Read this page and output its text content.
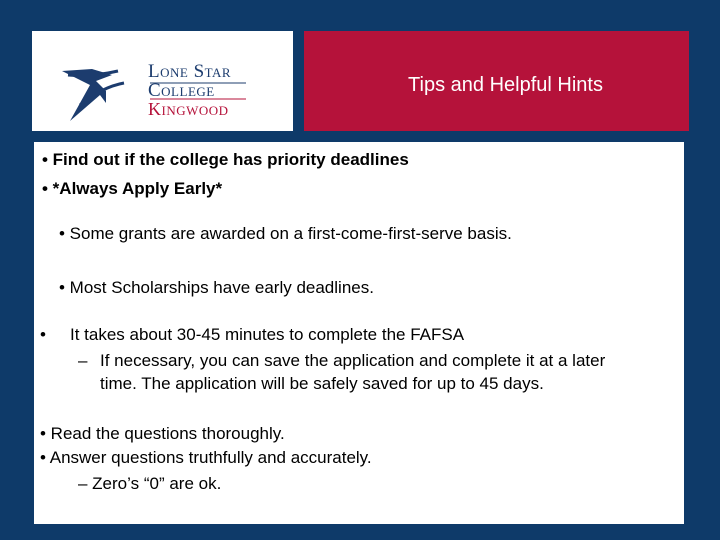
Lone Star
College
Kingwood
Tips and Helpful Hints
• Find out if the college has priority deadlines
• *Always Apply Early*
• Some grants are awarded on a first-come-first-serve basis.
• Most Scholarships have early deadlines.
• It takes about 30-45 minutes to complete the FAFSA
– If necessary, you can save the application and complete it at a later
time. The application will be safely saved for up to 45 days.
• Read the questions thoroughly.
• Answer questions truthfully and accurately.
– Zero’s “0” are ok.
